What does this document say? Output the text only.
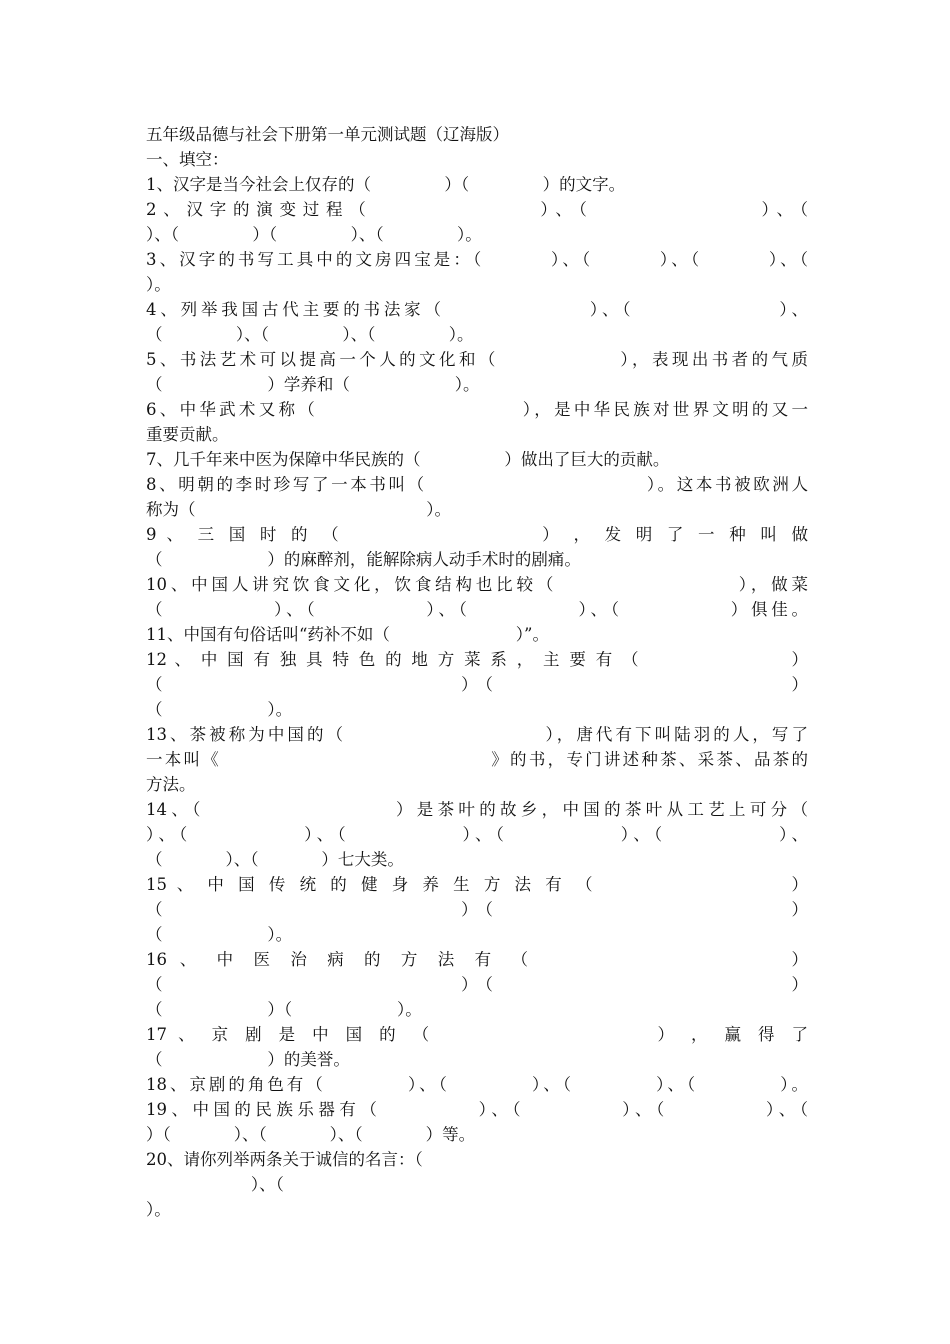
五年级品德与社会下册第一单元测试题（辽海版）
一、填空：
1、汉字是当今社会上仅存的（              ）（              ）的文字。
2、汉字的演变过程（              ）、（              ）、（
）、（              ）（              ）、（              ）。
3、汉字的书写工具中的文房四宝是：（        ）、（        ）、（        ）、（
）。
4、列举我国古代主要的书法家（                ）、（                ）、
（              ）、（              ）、（              ）。
5、书法艺术可以提高一个人的文化和（              ），表现出书者的气质
（                    ）学养和（                    ）。
6、中华武术又称（                        ），是中华民族对世界文明的又一
重要贡献。
7、几千年来中医为保障中华民族的（                ）做出了巨大的贡献。
8、明朝的李时珍写了一本书叫（                            ）。这本书被欧洲人
称为（                                            ）。
9 、 三 国 时 的 （                    ） ， 发 明 了 一 种 叫 做
（                    ）的麻醉剂，能解除病人动手术时的剧痛。
10、中国人讲究饮食文化，饮食结构也比较（                    ），做菜
（            ）、（            ）、（            ）、（            ）俱佳。
11、中国有句俗话叫“药补不如（                        ）”。
12 、 中 国 有 独 具 特 色 的 地 方 菜 系 ， 主 要 有 （                    ）
（                        ）（                        ）
（                    ）。
13、茶被称为中国的（                        ），唐代有下叫陆羽的人，写了
一本叫《                                    》的书，专门讲述种茶、采茶、品茶的
方法。
14、（                    ）是茶叶的故乡，中国的茶叶从工艺上可分（
）、（            ）、（            ）、（            ）、（            ）、
（            ）、（            ）七大类。
15 、 中 国 传 统 的 健 身 养 生 方 法 有 （                    ）
（                        ）（                        ）
（                    ）。
16 、 中 医 治 病 的 方 法 有 （                    ）
（                        ）（                        ）
（                    ）（                    ）。
17 、 京 剧 是 中 国 的 （                    ） ， 赢 得 了
（                    ）的美誉。
18、京剧的角色有（          ）、（          ）、（          ）、（          ）。
19、中国的民族乐器有（          ）、（          ）、（          ）、（
）（            ）、（            ）、（            ）等。
20、请你列举两条关于诚信的名言：（
）、（
）。
